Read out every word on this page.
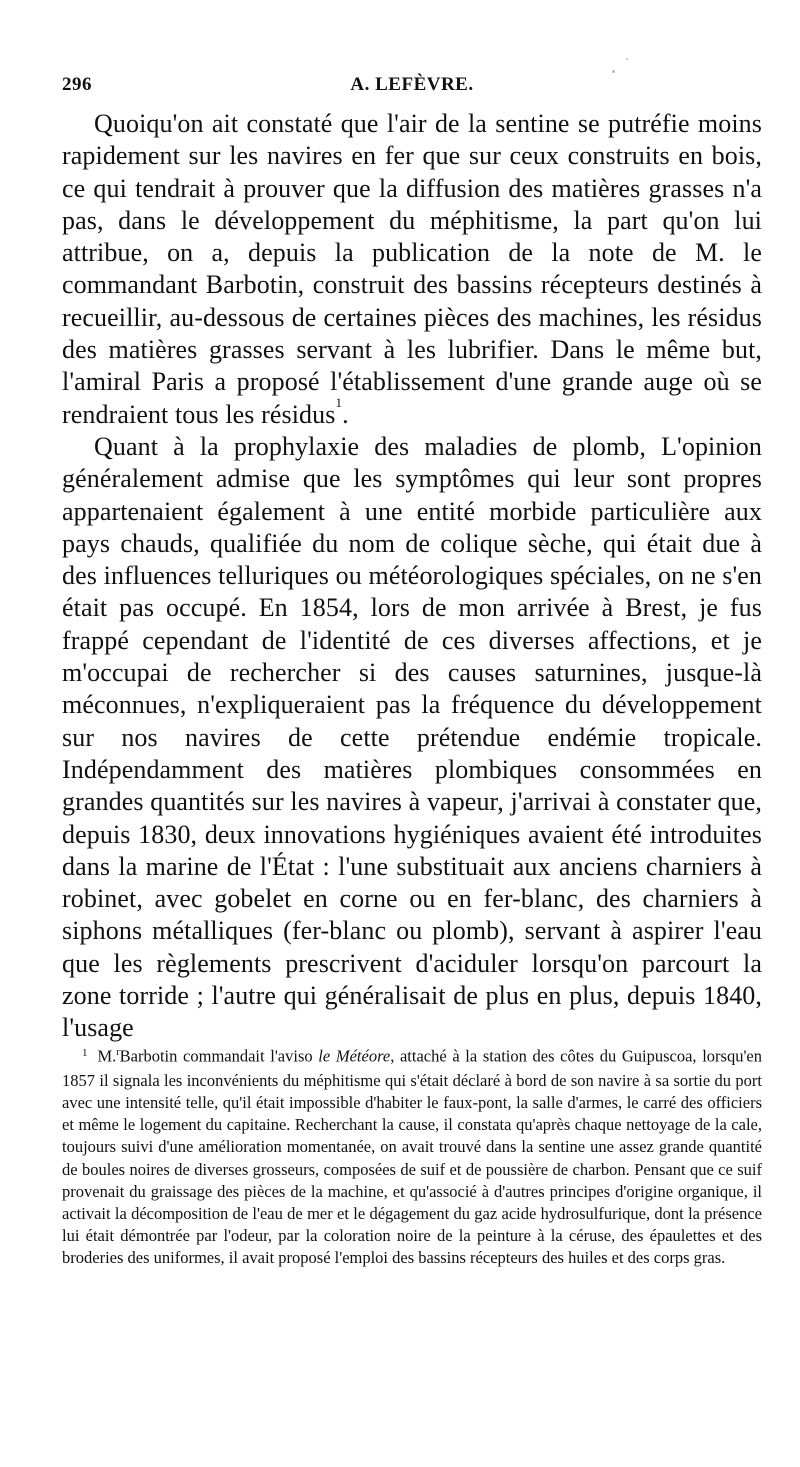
296	A. LEFÈVRE.

Quoiqu'on ait constaté que l'air de la sentine se putréfie moins rapidement sur les navires en fer que sur ceux construits en bois, ce qui tendrait à prouver que la diffusion des matières grasses n'a pas, dans le développement du méphitisme, la part qu'on lui attribue, on a, depuis la publication de la note de M. le commandant Barbotin, construit des bassins récepteurs destinés à recueillir, au-dessous de certaines pièces des machines, les résidus des matières grasses servant à les lubrifier. Dans le même but, l'amiral Paris a proposé l'établissement d'une grande auge où se rendraient tous les résidus$^1$.

Quant à la prophylaxie des maladies de plomb, L'opinion généralement admise que les symptômes qui leur sont propres appartenaient également à une entité morbide particulière aux pays chauds, qualifiée du nom de colique sèche, qui était due à des influences telluriques ou météorologiques spéciales, on ne s'en était pas occupé. En 1854, lors de mon arrivée à Brest, je fus frappé cependant de l'identité de ces diverses affections, et je m'occupai de rechercher si des causes saturnines, jusque-là méconnues, n'expliqueraient pas la fréquence du développement sur nos navires de cette prétendue endémie tropicale. Indépendamment des matières plombiques consommées en grandes quantités sur les navires à vapeur, j'arrivai à constater que, depuis 1830, deux innovations hygiéniques avaient été introduites dans la marine de l'État : l'une substituait aux anciens charniers à robinet, avec gobelet en corne ou en fer-blanc, des charniers à siphons métalliques (fer-blanc ou plomb), servant à aspirer l'eau que les règlements prescrivent d'aciduler lorsqu'on parcourt la zone torride ; l'autre qui généralisait de plus en plus, depuis 1840, l'usage

$^1$ M.$^r$Barbotin commandait l'aviso le Météore, attaché à la station des côtes du Guipuscoa, lorsqu'en 1857 il signala les inconvénients du méphitisme qui s'était déclaré à bord de son navire à sa sortie du port avec une intensité telle, qu'il était impossible d'habiter le faux-pont, la salle d'armes, le carré des officiers et même le logement du capitaine. Recherchant la cause, il constata qu'après chaque nettoyage de la cale, toujours suivi d'une amélioration momentanée, on avait trouvé dans la sentine une assez grande quantité de boules noires de diverses grosseurs, composées de suif et de poussière de charbon. Pensant que ce suif provenait du graissage des pièces de la machine, et qu'associé à d'autres principes d'origine organique, il activait la décomposition de l'eau de mer et le dégagement du gaz acide hydrosulfurique, dont la présence lui était démontrée par l'odeur, par la coloration noire de la peinture à la céruse, des épaulettes et des broderies des uniformes, il avait proposé l'emploi des bassins récepteurs des huiles et des corps gras.
